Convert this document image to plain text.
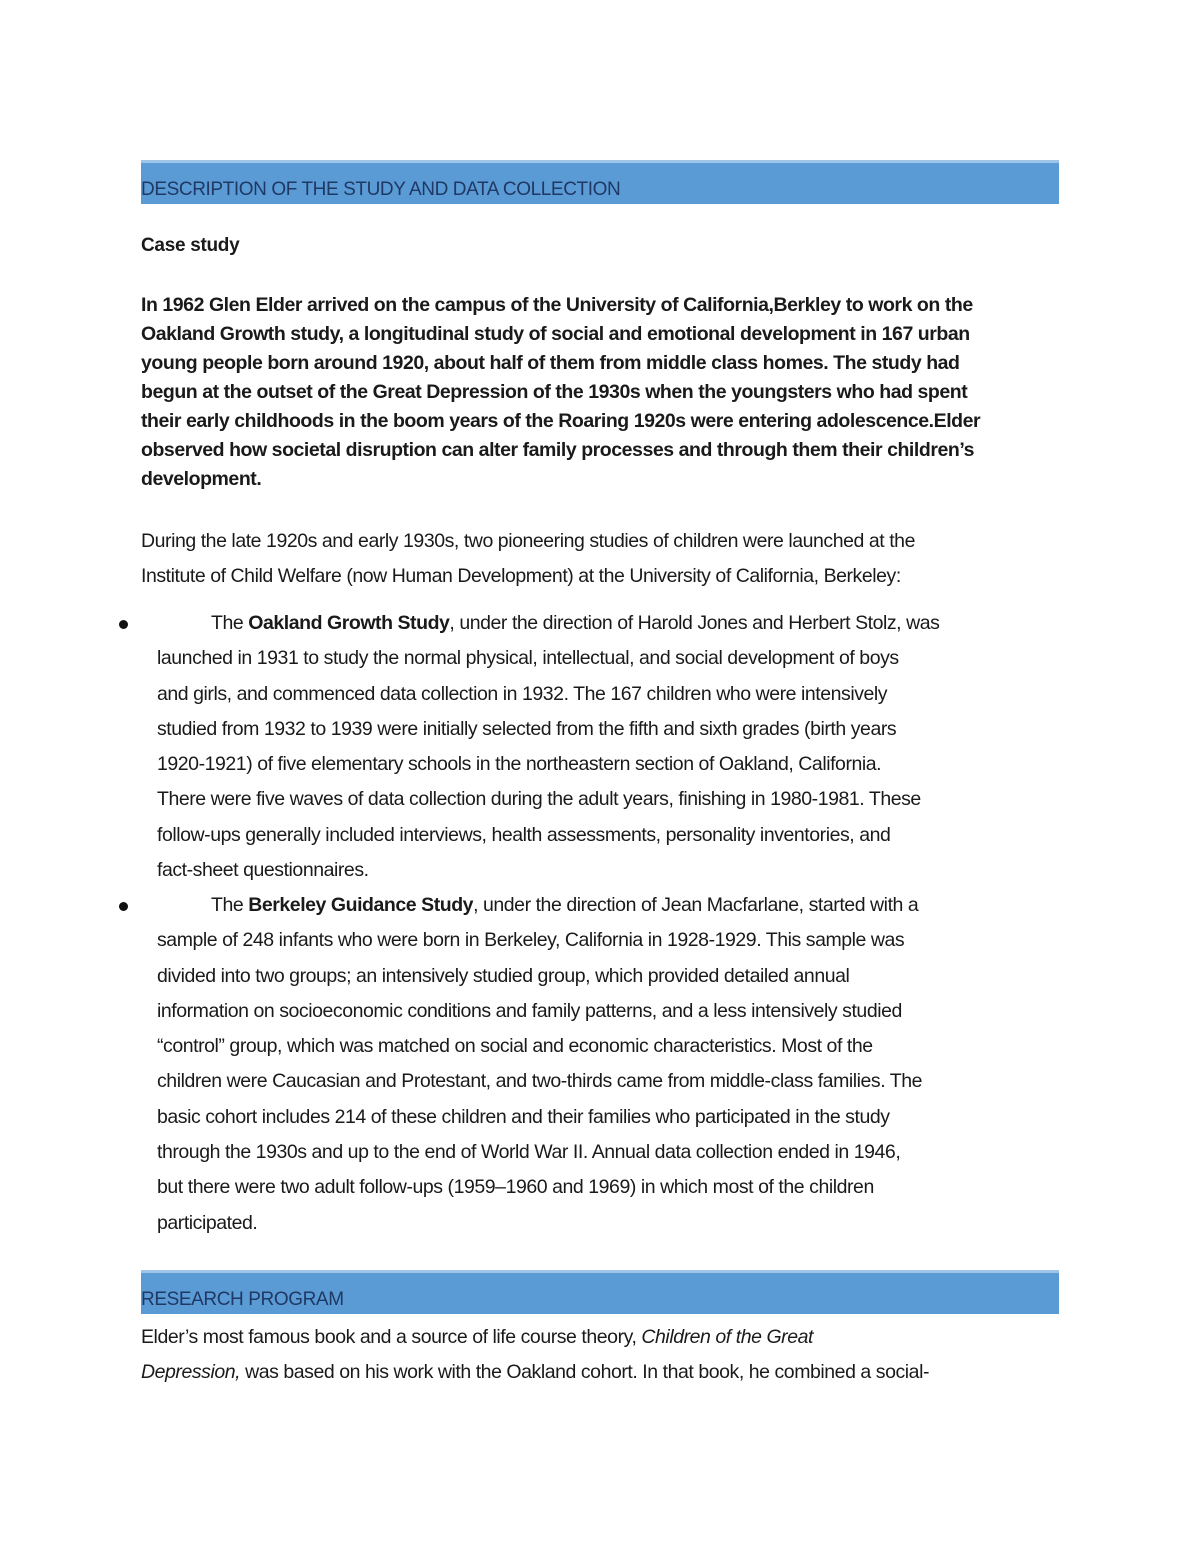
DESCRIPTION OF THE STUDY AND DATA COLLECTION
Case study
In 1962 Glen Elder arrived on the campus of the University of California,Berkley to work on the
Oakland Growth study, a longitudinal study of social and emotional development in 167 urban
young people born around 1920, about half of them from middle class homes. The study had
begun at the outset of the Great Depression of the 1930s when the youngsters who had spent
their early childhoods in the boom years of the Roaring 1920s were entering adolescence.Elder
observed how societal disruption can alter family processes and through them their children’s
development.
During the late 1920s and early 1930s, two pioneering studies of children were launched at the
Institute of Child Welfare (now Human Development) at the University of California, Berkeley:
The Oakland Growth Study, under the direction of Harold Jones and Herbert Stolz, was
launched in 1931 to study the normal physical, intellectual, and social development of boys
and girls, and commenced data collection in 1932. The 167 children who were intensively
studied from 1932 to 1939 were initially selected from the fifth and sixth grades (birth years
1920-1921) of five elementary schools in the northeastern section of Oakland, California.
There were five waves of data collection during the adult years, finishing in 1980-1981. These
follow-ups generally included interviews, health assessments, personality inventories, and
fact-sheet questionnaires.
The Berkeley Guidance Study, under the direction of Jean Macfarlane, started with a
sample of 248 infants who were born in Berkeley, California in 1928-1929. This sample was
divided into two groups; an intensively studied group, which provided detailed annual
information on socioeconomic conditions and family patterns, and a less intensively studied
“control” group, which was matched on social and economic characteristics. Most of the
children were Caucasian and Protestant, and two-thirds came from middle-class families. The
basic cohort includes 214 of these children and their families who participated in the study
through the 1930s and up to the end of World War II. Annual data collection ended in 1946,
but there were two adult follow-ups (1959–1960 and 1969) in which most of the children
participated.
RESEARCH PROGRAM
Elder’s most famous book and a source of life course theory, Children of the Great
Depression, was based on his work with the Oakland cohort. In that book, he combined a social-
